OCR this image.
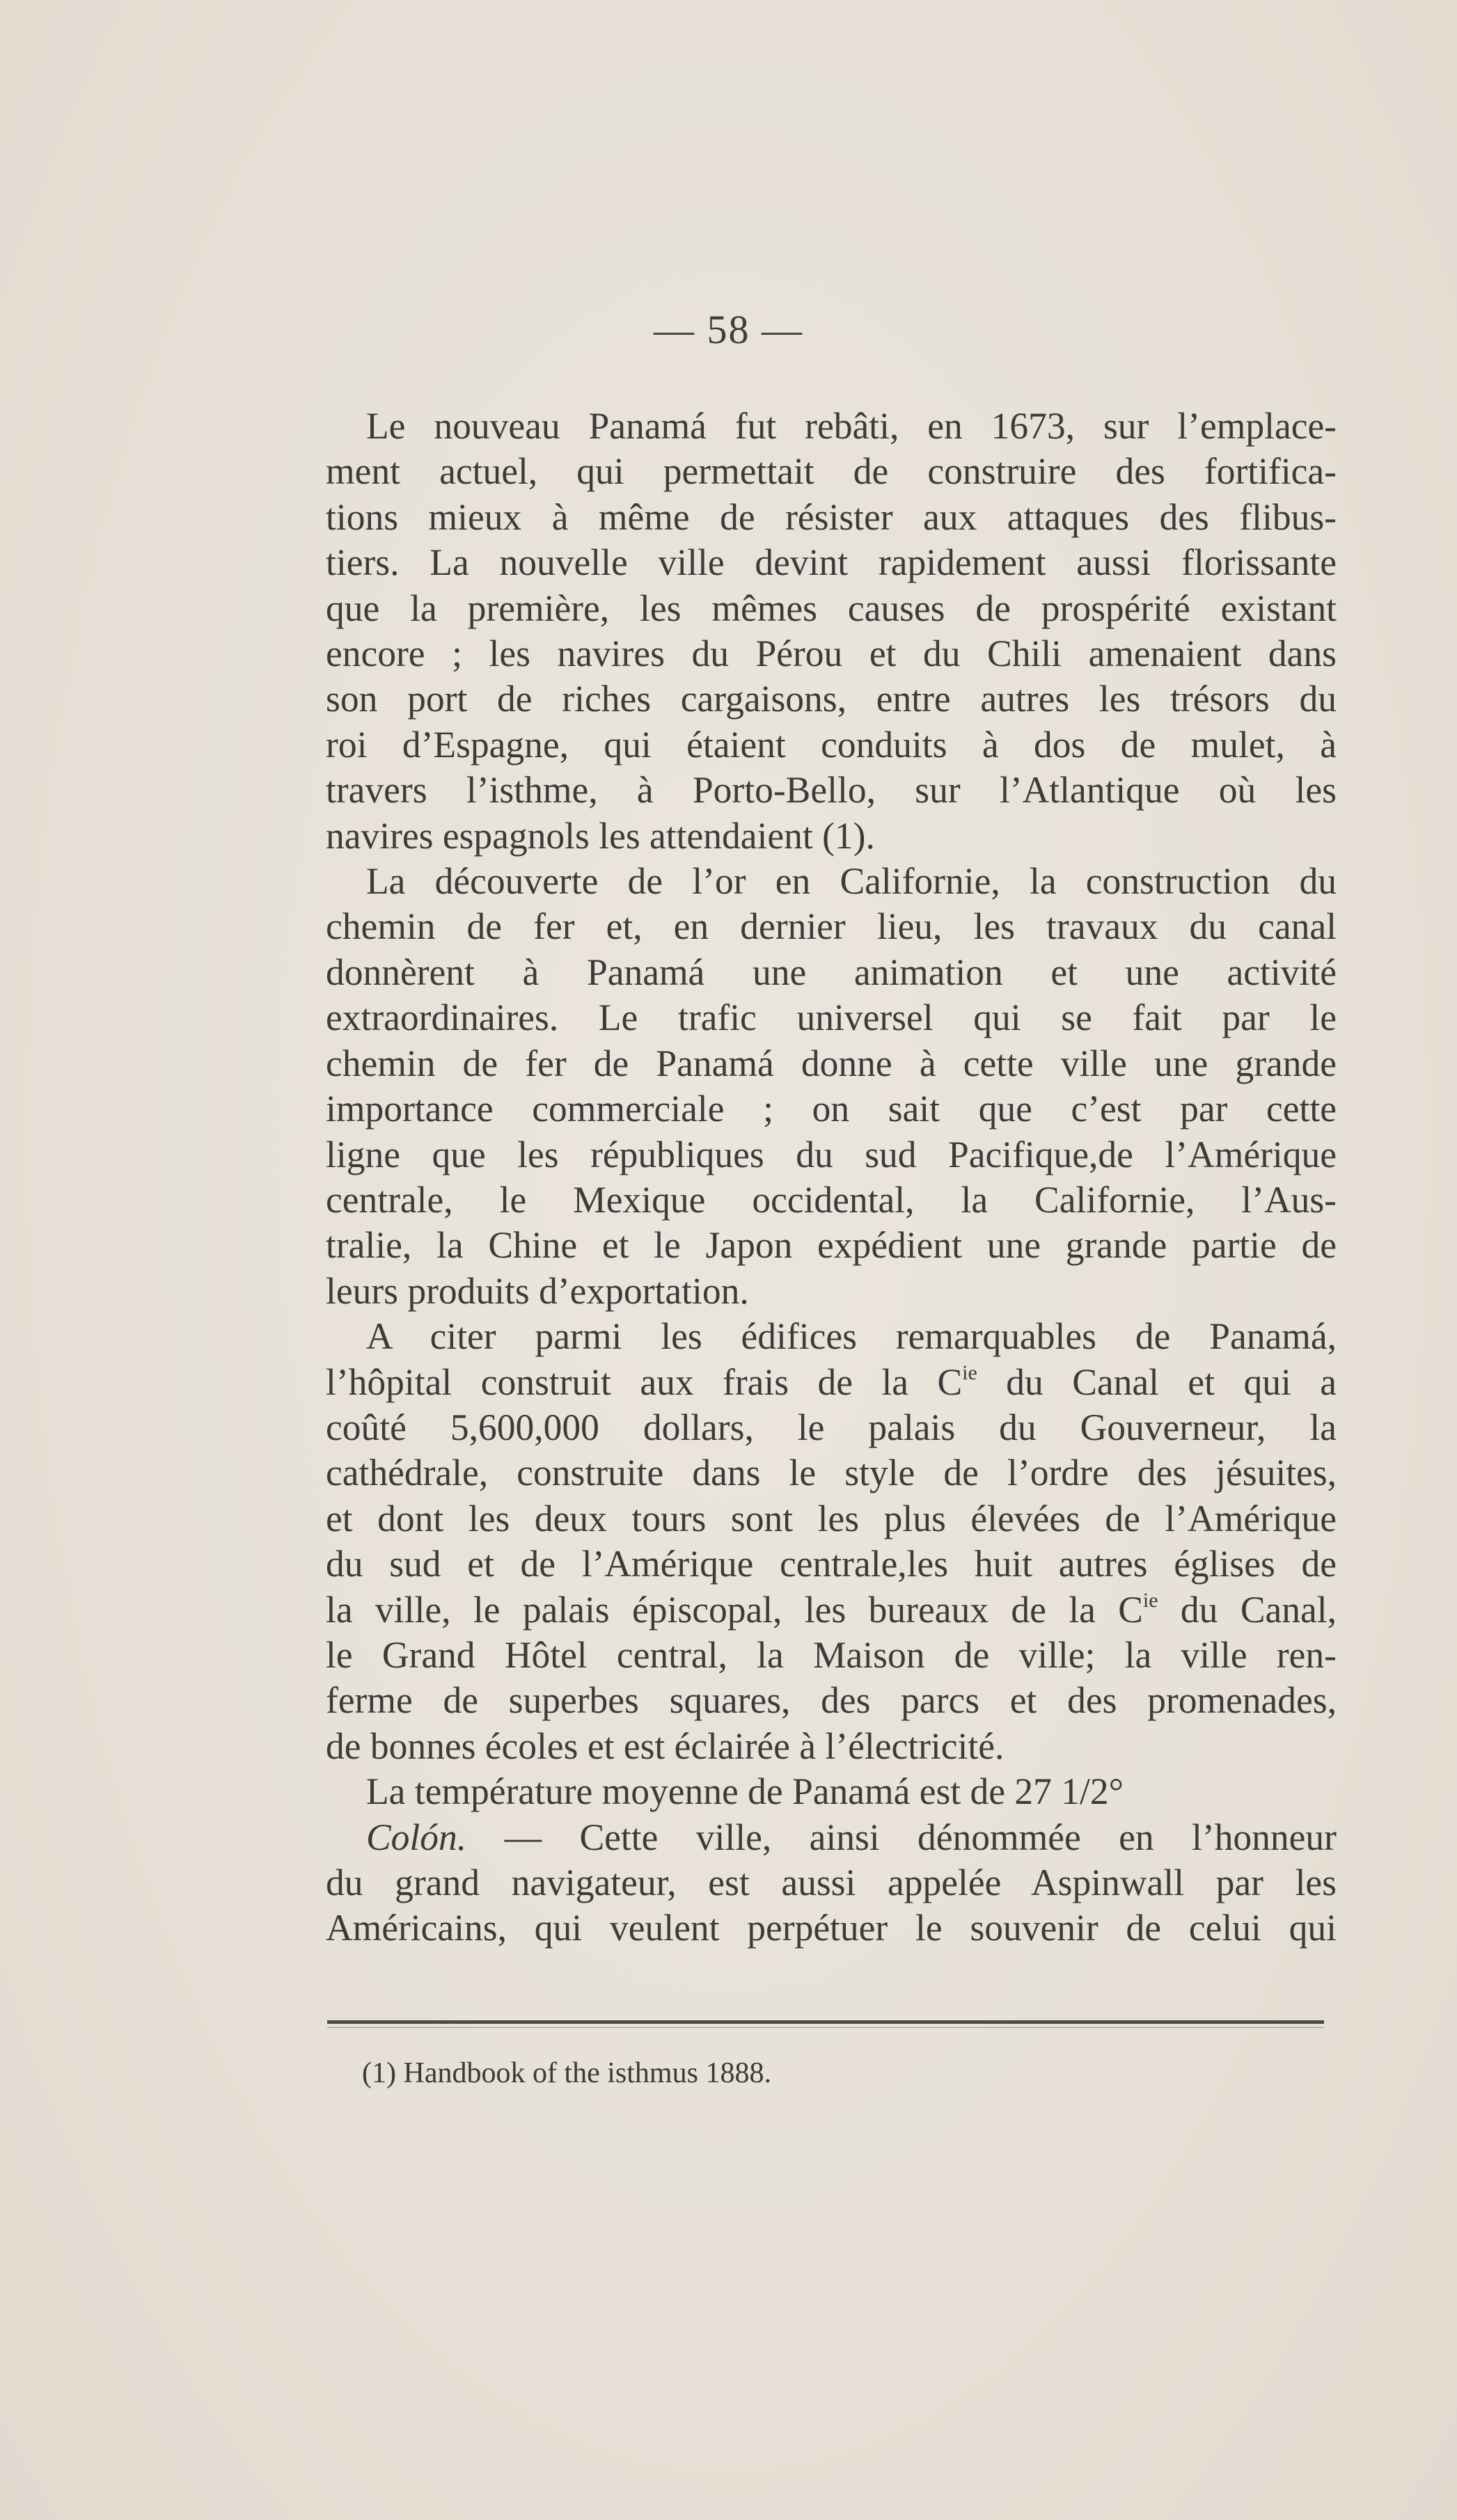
— 58 —
Le nouveau Panamá fut rebâti, en 1673, sur l’emplace-
ment actuel, qui permettait de construire des fortifica-
tions mieux à même de résister aux attaques des flibus-
tiers. La nouvelle ville devint rapidement aussi florissante
que la première, les mêmes causes de prospérité existant
encore ; les navires du Pérou et du Chili amenaient dans
son port de riches cargaisons, entre autres les trésors du
roi d’Espagne, qui étaient conduits à dos de mulet, à
travers l’isthme, à Porto-Bello, sur l’Atlantique où les
navires espagnols les attendaient (1).
La découverte de l’or en Californie, la construction du
chemin de fer et, en dernier lieu, les travaux du canal
donnèrent à Panamá une animation et une activité
extraordinaires. Le trafic universel qui se fait par le
chemin de fer de Panamá donne à cette ville une grande
importance commerciale ; on sait que c’est par cette
ligne que les républiques du sud Pacifique,de l’Amérique
centrale, le Mexique occidental, la Californie, l’Aus-
tralie, la Chine et le Japon expédient une grande partie de
leurs produits d’exportation.
A citer parmi les édifices remarquables de Panamá,
l’hôpital construit aux frais de la $C^{ie}$ du Canal et qui a
coûté 5,600,000 dollars, le palais du Gouverneur, la
cathédrale, construite dans le style de l’ordre des jésuites,
et dont les deux tours sont les plus élevées de l’Amérique
du sud et de l’Amérique centrale,les huit autres églises de
la ville, le palais épiscopal, les bureaux de la $C^{ie}$ du Canal,
le Grand Hôtel central, la Maison de ville; la ville ren-
ferme de superbes squares, des parcs et des promenades,
de bonnes écoles et est éclairée à l’électricité.
La température moyenne de Panamá est de 27 1/2°
Colón. — Cette ville, ainsi dénommée en l’honneur
du grand navigateur, est aussi appelée Aspinwall par les
Américains, qui veulent perpétuer le souvenir de celui qui
(1) Handbook of the isthmus 1888.
